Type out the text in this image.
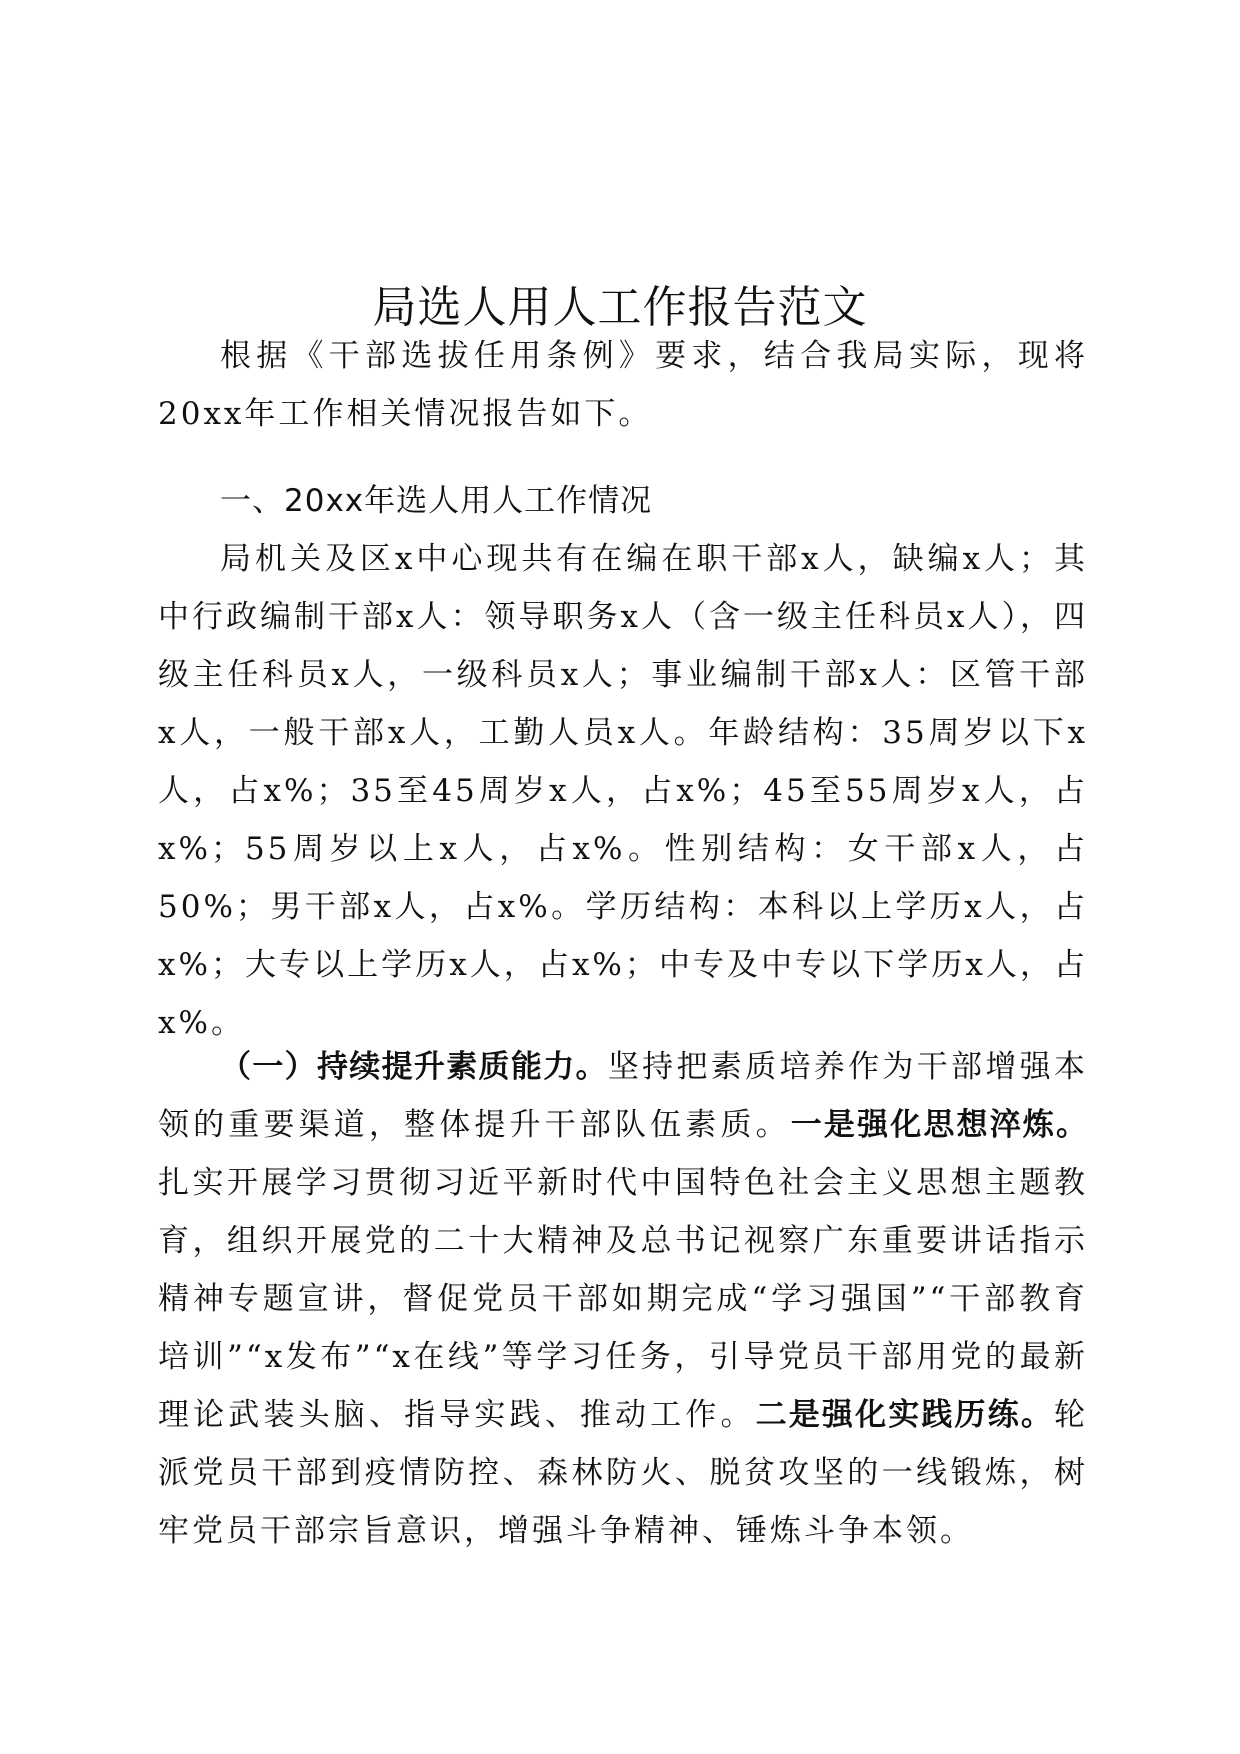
局选人用人工作报告范文

根据《干部选拔任用条例》要求，结合我局实际，现将20xx年工作相关情况报告如下。

一、20xx年选人用人工作情况

局机关及区x中心现共有在编在职干部x人，缺编x人；其中行政编制干部x人：领导职务x人（含一级主任科员x人），四级主任科员x人，一级科员x人；事业编制干部x人：区管干部x人，一般干部x人，工勤人员x人。年龄结构：35周岁以下x人，占x%；35至45周岁x人，占x%；45至55周岁x人，占x%；55周岁以上x人，占x%。性别结构：女干部x人，占50%；男干部x人，占x%。学历结构：本科以上学历x人，占x%；大专以上学历x人，占x%；中专及中专以下学历x人，占x%。

（一）持续提升素质能力。坚持把素质培养作为干部增强本领的重要渠道，整体提升干部队伍素质。一是强化思想淬炼。扎实开展学习贯彻习近平新时代中国特色社会主义思想主题教育，组织开展党的二十大精神及总书记视察广东重要讲话指示精神专题宣讲，督促党员干部如期完成“学习强国”“干部教育培训”“x发布”“x在线”等学习任务，引导党员干部用党的最新理论武装头脑、指导实践、推动工作。二是强化实践历练。轮派党员干部到疫情防控、森林防火、脱贫攻坚的一线锻炼，树牢党员干部宗旨意识，增强斗争精神、锤炼斗争本领。
